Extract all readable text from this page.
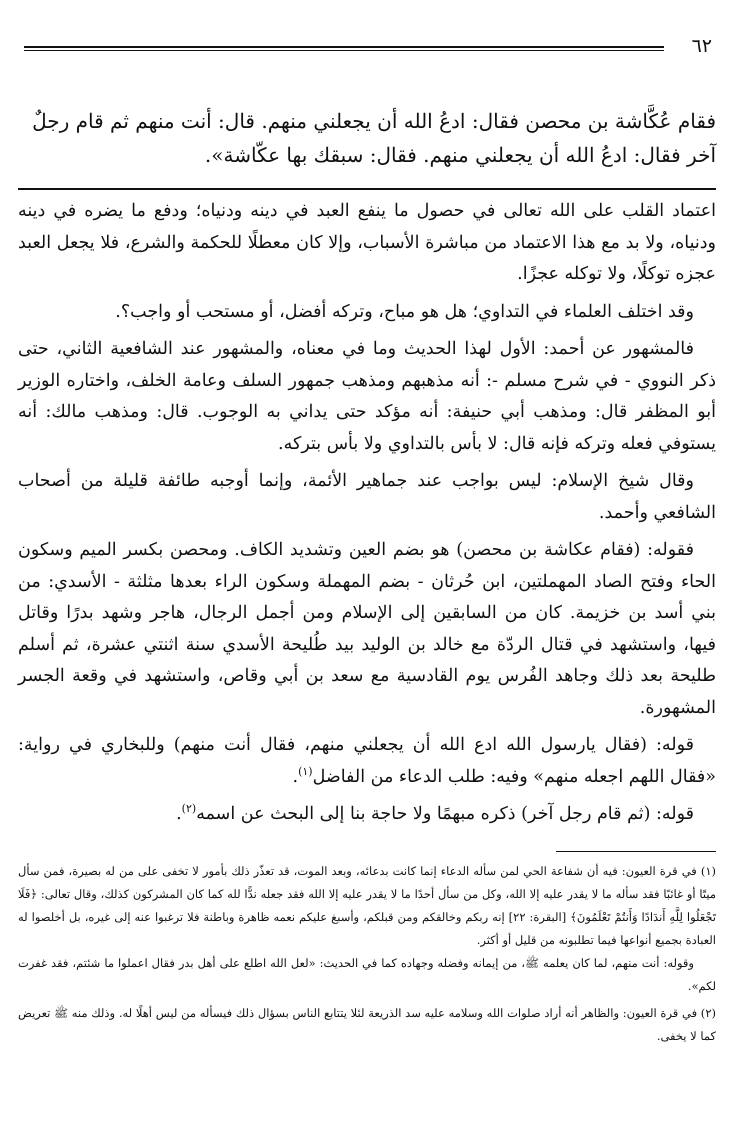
٦٢

فقام عُكَّاشة بن محصن فقال: ادعُ الله أن يجعلني منهم. قال: أنت منهم ثم قام رجلٌ

آخر فقال: ادعُ الله أن يجعلني منهم. فقال: سبقك بها عكّاشة».

اعتماد القلب على الله تعالى في حصول ما ينفع العبد في دينه ودنياه؛ ودفع ما يضره في دينه ودنياه، ولا بد مع هذا الاعتماد من مباشرة الأسباب، وإلا كان معطلًا للحكمة والشرع، فلا يجعل العبد عجزه توكلًا، ولا توكله عجزًا.

وقد اختلف العلماء في التداوي؛ هل هو مباح، وتركه أفضل، أو مستحب أو واجب؟.

فالمشهور عن أحمد: الأول لهذا الحديث وما في معناه، والمشهور عند الشافعية الثاني، حتى ذكر النووي - في شرح مسلم -: أنه مذهبهم ومذهب جمهور السلف وعامة الخلف، واختاره الوزير أبو المظفر قال: ومذهب أبي حنيفة: أنه مؤكد حتى يداني به الوجوب. قال: ومذهب مالك: أنه يستوفي فعله وتركه فإنه قال: لا بأس بالتداوي ولا بأس بتركه.

وقال شيخ الإسلام: ليس بواجب عند جماهير الأئمة، وإنما أوجبه طائفة قليلة من أصحاب الشافعي وأحمد.

فقوله: (فقام عكاشة بن محصن) هو بضم العين وتشديد الكاف. ومحصن بكسر الميم وسكون الحاء وفتح الصاد المهملتين، ابن حُرثان - بضم المهملة وسكون الراء بعدها مثلثة - الأسدي: من بني أسد بن خزيمة. كان من السابقين إلى الإسلام ومن أجمل الرجال، هاجر وشهد بدرًا وقاتل فيها، واستشهد في قتال الردّة مع خالد بن الوليد بيد طُليحة الأسدي سنة اثنتي عشرة، ثم أسلم طليحة بعد ذلك وجاهد الفُرس يوم القادسية مع سعد بن أبي وقاص، واستشهد في وقعة الجسر المشهورة.

قوله: (فقال يارسول الله ادع الله أن يجعلني منهم، فقال أنت منهم) وللبخاري في رواية: «فقال اللهم اجعله منهم» وفيه: طلب الدعاء من الفاضل$^{(١)}$.

قوله: (ثم قام رجل آخر) ذكره مبهمًا ولا حاجة بنا إلى البحث عن اسمه$^{(٢)}$.

(١) في قرة العيون: فيه أن شفاعة الحي لمن سأله الدعاء إنما كانت بدعائه، وبعد الموت، قد تعذّر ذلك بأمور لا تخفى على من له بصيرة، فمن سأل ميتًا أو غائبًا فقد سأله ما لا يقدر عليه إلا الله، وكل من سأل أحدًا ما لا يقدر عليه إلا الله فقد جعله ندًّا لله كما كان المشركون كذلك، وقال تعالى: ﴿فَلَا تَجْعَلُوا لِلَّهِ أَندَادًا وَأَنتُمْ تَعْلَمُونَ﴾ [البقرة: ٢٢] إنه ربكم وخالقكم ومن قبلكم، وأسبغ عليكم نعمه ظاهرة وباطنة فلا ترغبوا عنه إلى غيره، بل أخلصوا له العبادة بجميع أنواعها فيما تطلبونه من قليل أو أكثر.

وقوله: أنت منهم، لما كان يعلمه ﷺ، من إيمانه وفضله وجهاده كما في الحديث: «لعل الله اطلع على أهل بدر فقال اعملوا ما شئتم، فقد غفرت لكم».

(٢) في قرة العيون: والظاهر أنه أراد صلوات الله وسلامه عليه سد الذريعة لئلا يتتابع الناس بسؤال ذلك فيسأله من ليس أهلًا له. وذلك منه ﷺ تعريض كما لا يخفى.
